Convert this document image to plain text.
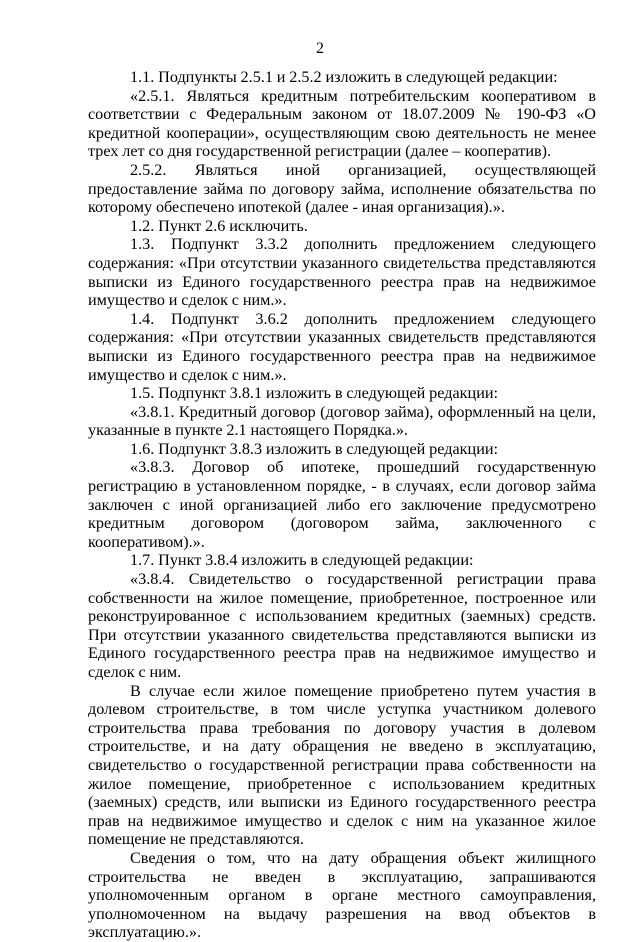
2

1.1. Подпункты 2.5.1 и 2.5.2 изложить в следующей редакции:

«2.5.1. Являться кредитным потребительским кооперативом в соответствии с Федеральным законом от 18.07.2009 № 190-ФЗ «О кредитной кооперации», осуществляющим свою деятельность не менее трех лет со дня государственной регистрации (далее – кооператив).

2.5.2. Являться иной организацией, осуществляющей предоставление займа по договору займа, исполнение обязательства по которому обеспечено ипотекой (далее - иная организация).».

1.2. Пункт 2.6 исключить.

1.3. Подпункт 3.3.2 дополнить предложением следующего содержания: «При отсутствии указанного свидетельства представляются выписки из Единого государственного реестра прав на недвижимое имущество и сделок с ним.».

1.4. Подпункт 3.6.2 дополнить предложением следующего содержания: «При отсутствии указанных свидетельств представляются выписки из Единого государственного реестра прав на недвижимое имущество и сделок с ним.».

1.5. Подпункт 3.8.1 изложить в следующей редакции:

«3.8.1. Кредитный договор (договор займа), оформленный на цели, указанные в пункте 2.1 настоящего Порядка.».

1.6. Подпункт 3.8.3 изложить в следующей редакции:

«3.8.3. Договор об ипотеке, прошедший государственную регистрацию в установленном порядке, - в случаях, если договор займа заключен с иной организацией либо его заключение предусмотрено кредитным договором (договором займа, заключенного с кооперативом).».

1.7. Пункт 3.8.4 изложить в следующей редакции:

«3.8.4. Свидетельство о государственной регистрации права собственности на жилое помещение, приобретенное, построенное или реконструированное с использованием кредитных (заемных) средств. При отсутствии указанного свидетельства представляются выписки из Единого государственного реестра прав на недвижимое имущество и сделок с ним.

В случае если жилое помещение приобретено путем участия в долевом строительстве, в том числе уступка участником долевого строительства права требования по договору участия в долевом строительстве, и на дату обращения не введено в эксплуатацию, свидетельство о государственной регистрации права собственности на жилое помещение, приобретенное с использованием кредитных (заемных) средств, или выписки из Единого государственного реестра прав на недвижимое имущество и сделок с ним на указанное жилое помещение не представляются.

Сведения о том, что на дату обращения объект жилищного строительства не введен в эксплуатацию, запрашиваются уполномоченным органом в органе местного самоуправления, уполномоченном на выдачу разрешения на ввод объектов в эксплуатацию.».
